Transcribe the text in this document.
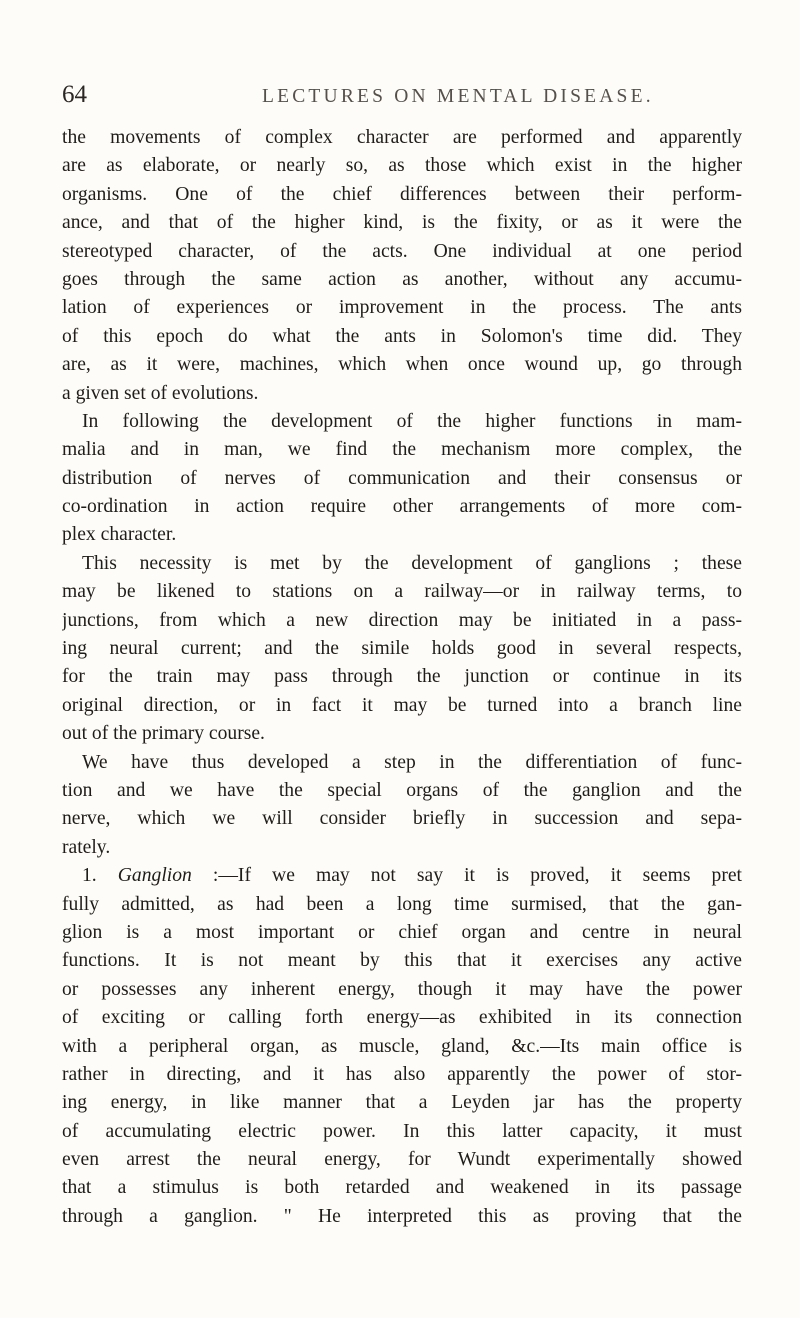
64	LECTURES ON MENTAL DISEASE.
the movements of complex character are performed and apparently
are as elaborate, or nearly so, as those which exist in the higher
organisms. One of the chief differences between their perform-
ance, and that of the higher kind, is the fixity, or as it were the
stereotyped character, of the acts. One individual at one period
goes through the same action as another, without any accumu-
lation of experiences or improvement in the process. The ants
of this epoch do what the ants in Solomon's time did. They
are, as it were, machines, which when once wound up, go through
a given set of evolutions.
In following the development of the higher functions in mam-
malia and in man, we find the mechanism more complex, the
distribution of nerves of communication and their consensus or
co-ordination in action require other arrangements of more com-
plex character.
This necessity is met by the development of ganglions ; these
may be likened to stations on a railway—or in railway terms, to
junctions, from which a new direction may be initiated in a pass-
ing neural current; and the simile holds good in several respects,
for the train may pass through the junction or continue in its
original direction, or in fact it may be turned into a branch line
out of the primary course.
We have thus developed a step in the differentiation of func-
tion and we have the special organs of the ganglion and the
nerve, which we will consider briefly in succession and sepa-
rately.
1. Ganglion :—If we may not say it is proved, it seems pret
fully admitted, as had been a long time surmised, that the gan-
glion is a most important or chief organ and centre in neural
functions. It is not meant by this that it exercises any active
or possesses any inherent energy, though it may have the power
of exciting or calling forth energy—as exhibited in its connection
with a peripheral organ, as muscle, gland, &c.—Its main office is
rather in directing, and it has also apparently the power of stor-
ing energy, in like manner that a Leyden jar has the property
of accumulating electric power. In this latter capacity, it must
even arrest the neural energy, for Wundt experimentally showed
that a stimulus is both retarded and weakened in its passage
through a ganglion. " He interpreted this as proving that the
